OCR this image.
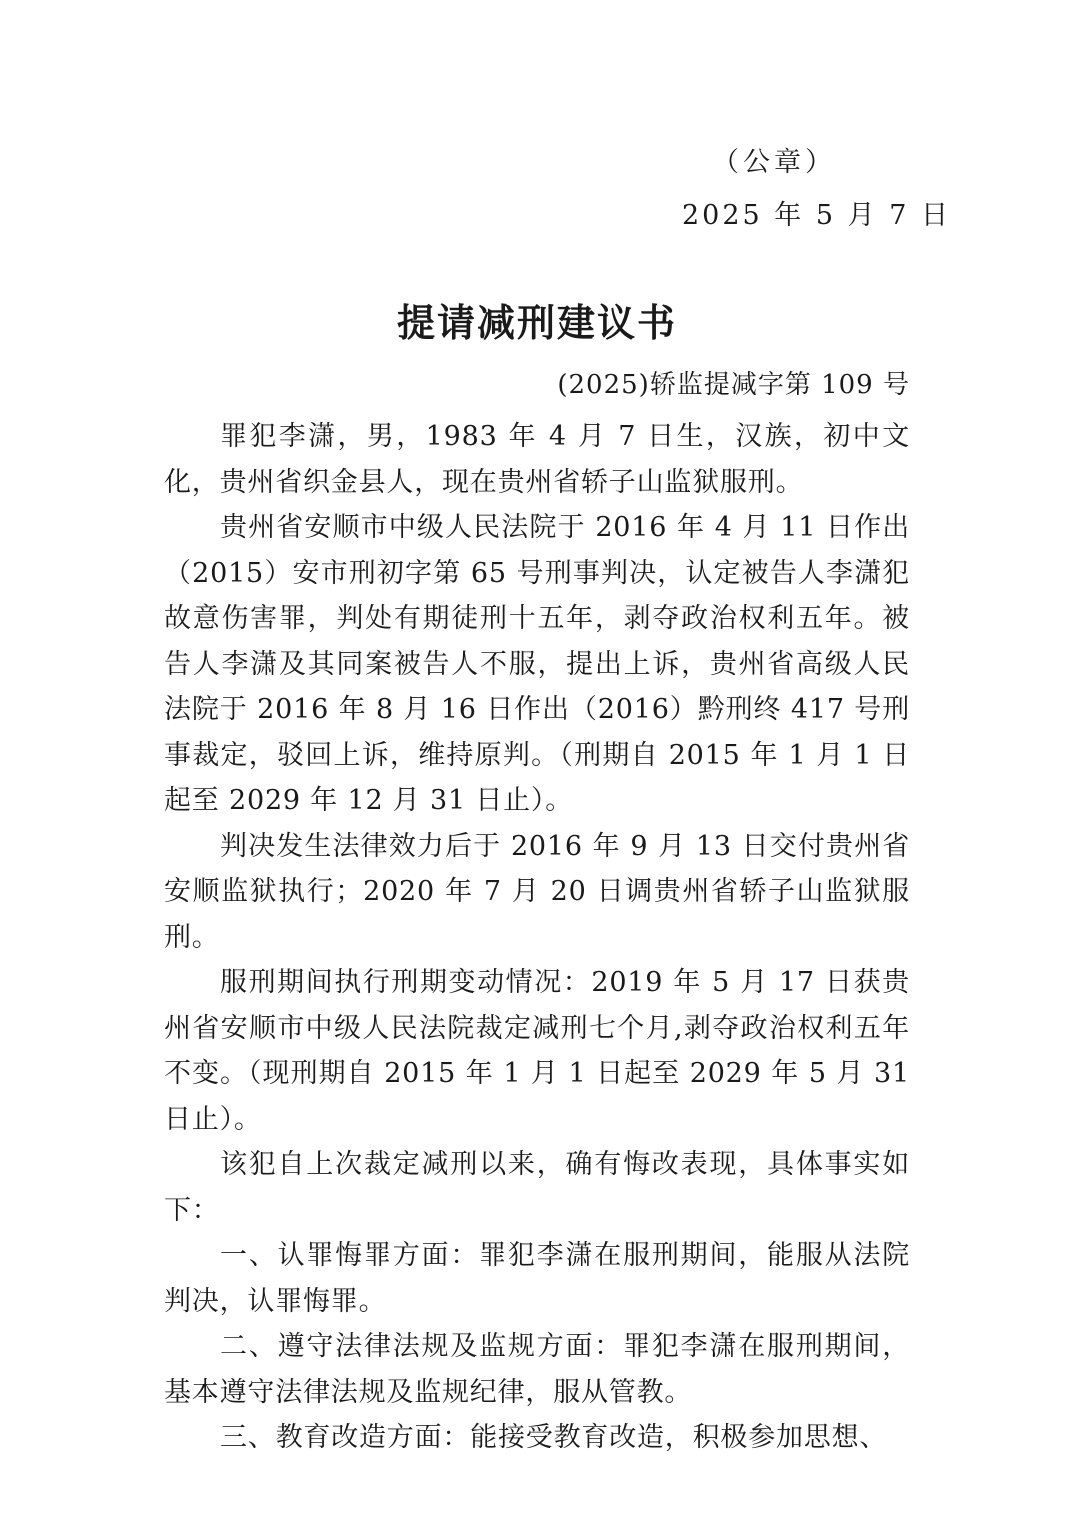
（公章）
2025 年 5 月 7 日
提请减刑建议书
(2025)轿监提减字第 109 号

罪犯李潇，男，1983 年 4 月 7 日生，汉族，初中文化，贵州省织金县人，现在贵州省轿子山监狱服刑。

贵州省安顺市中级人民法院于 2016 年 4 月 11 日作出（2015）安市刑初字第 65 号刑事判决，认定被告人李潇犯故意伤害罪，判处有期徒刑十五年，剥夺政治权利五年。被告人李潇及其同案被告人不服，提出上诉，贵州省高级人民法院于 2016 年 8 月 16 日作出（2016）黔刑终 417 号刑事裁定，驳回上诉，维持原判。（刑期自 2015 年 1 月 1 日起至 2029 年 12 月 31 日止）。

判决发生法律效力后于 2016 年 9 月 13 日交付贵州省安顺监狱执行；2020 年 7 月 20 日调贵州省轿子山监狱服刑。

服刑期间执行刑期变动情况：2019 年 5 月 17 日获贵州省安顺市中级人民法院裁定减刑七个月,剥夺政治权利五年不变。（现刑期自 2015 年 1 月 1 日起至 2029 年 5 月 31 日止）。

该犯自上次裁定减刑以来，确有悔改表现，具体事实如下：

一、认罪悔罪方面：罪犯李潇在服刑期间，能服从法院判决，认罪悔罪。

二、遵守法律法规及监规方面：罪犯李潇在服刑期间，基本遵守法律法规及监规纪律，服从管教。

三、教育改造方面：能接受教育改造，积极参加思想、
